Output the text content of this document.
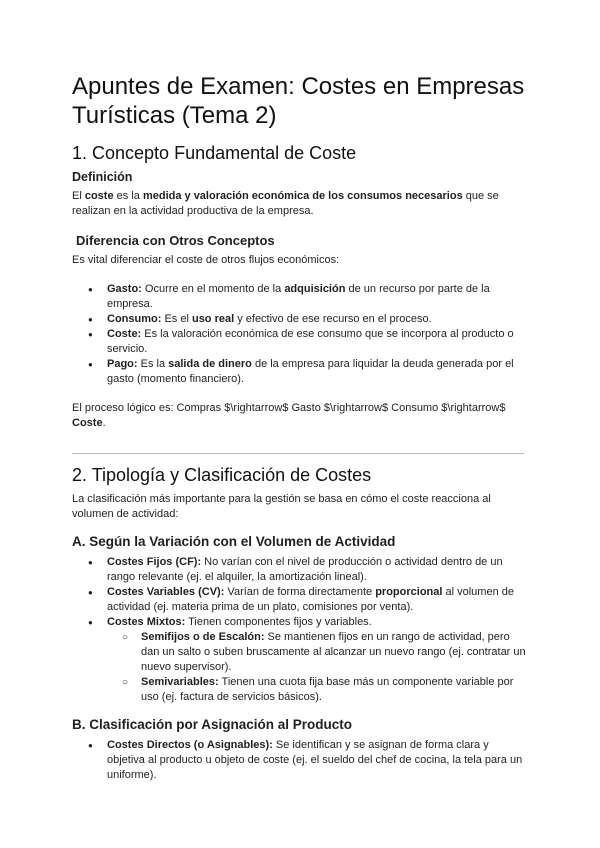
Apuntes de Examen: Costes en Empresas Turísticas (Tema 2)
1. Concepto Fundamental de Coste
Definición

El coste es la medida y valoración económica de los consumos necesarios que se realizan en la actividad productiva de la empresa.

Diferencia con Otros Conceptos

Es vital diferenciar el coste de otros flujos económicos:

● Gasto: Ocurre en el momento de la adquisición de un recurso por parte de la empresa.
● Consumo: Es el uso real y efectivo de ese recurso en el proceso.
● Coste: Es la valoración económica de ese consumo que se incorpora al producto o servicio.
● Pago: Es la salida de dinero de la empresa para liquidar la deuda generada por el gasto (momento financiero).

El proceso lógico es: Compras $\rightarrow$ Gasto $\rightarrow$ Consumo $\rightarrow$ Coste.

2. Tipología y Clasificación de Costes

La clasificación más importante para la gestión se basa en cómo el coste reacciona al volumen de actividad:

A. Según la Variación con el Volumen de Actividad
● Costes Fijos (CF): No varían con el nivel de producción o actividad dentro de un rango relevante (ej. el alquiler, la amortización lineal).
● Costes Variables (CV): Varían de forma directamente proporcional al volumen de actividad (ej. materia prima de un plato, comisiones por venta).
● Costes Mixtos: Tienen componentes fijos y variables.
○ Semifijos o de Escalón: Se mantienen fijos en un rango de actividad, pero dan un salto o suben bruscamente al alcanzar un nuevo rango (ej. contratar un nuevo supervisor).
○ Semivariables: Tienen una cuota fija base más un componente variable por uso (ej. factura de servicios básicos).
B. Clasificación por Asignación al Producto
● Costes Directos (o Asignables): Se identifican y se asignan de forma clara y objetiva al producto u objeto de coste (ej. el sueldo del chef de cocina, la tela para un uniforme).
